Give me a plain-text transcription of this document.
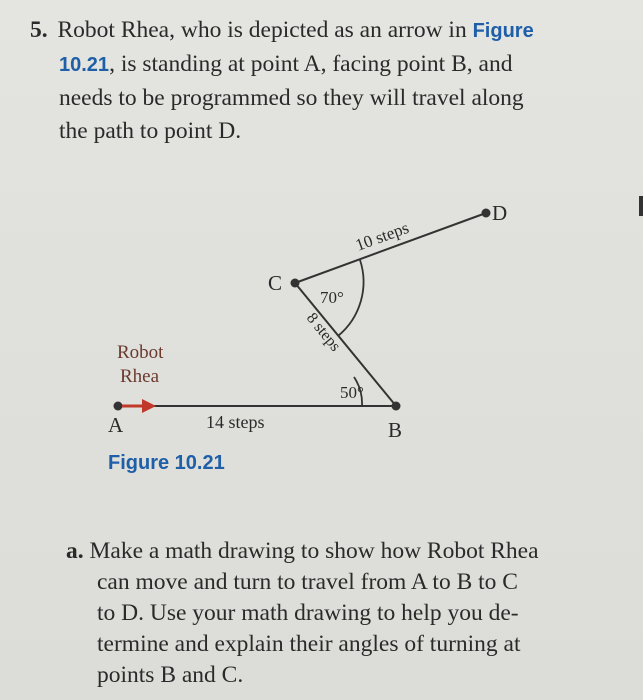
5. Robot Rhea, who is depicted as an arrow in Figure
10.21, is standing at point A, facing point B, and
needs to be programmed so they will travel along
the path to point D.
A	B
C
D
Robot
Rhea
14 steps
8 steps
10 steps
50°
70°
Figure 10.21
a. Make a math drawing to show how Robot Rhea
can move and turn to travel from A to B to C
to D. Use your math drawing to help you de-
termine and explain their angles of turning at
points B and C.
